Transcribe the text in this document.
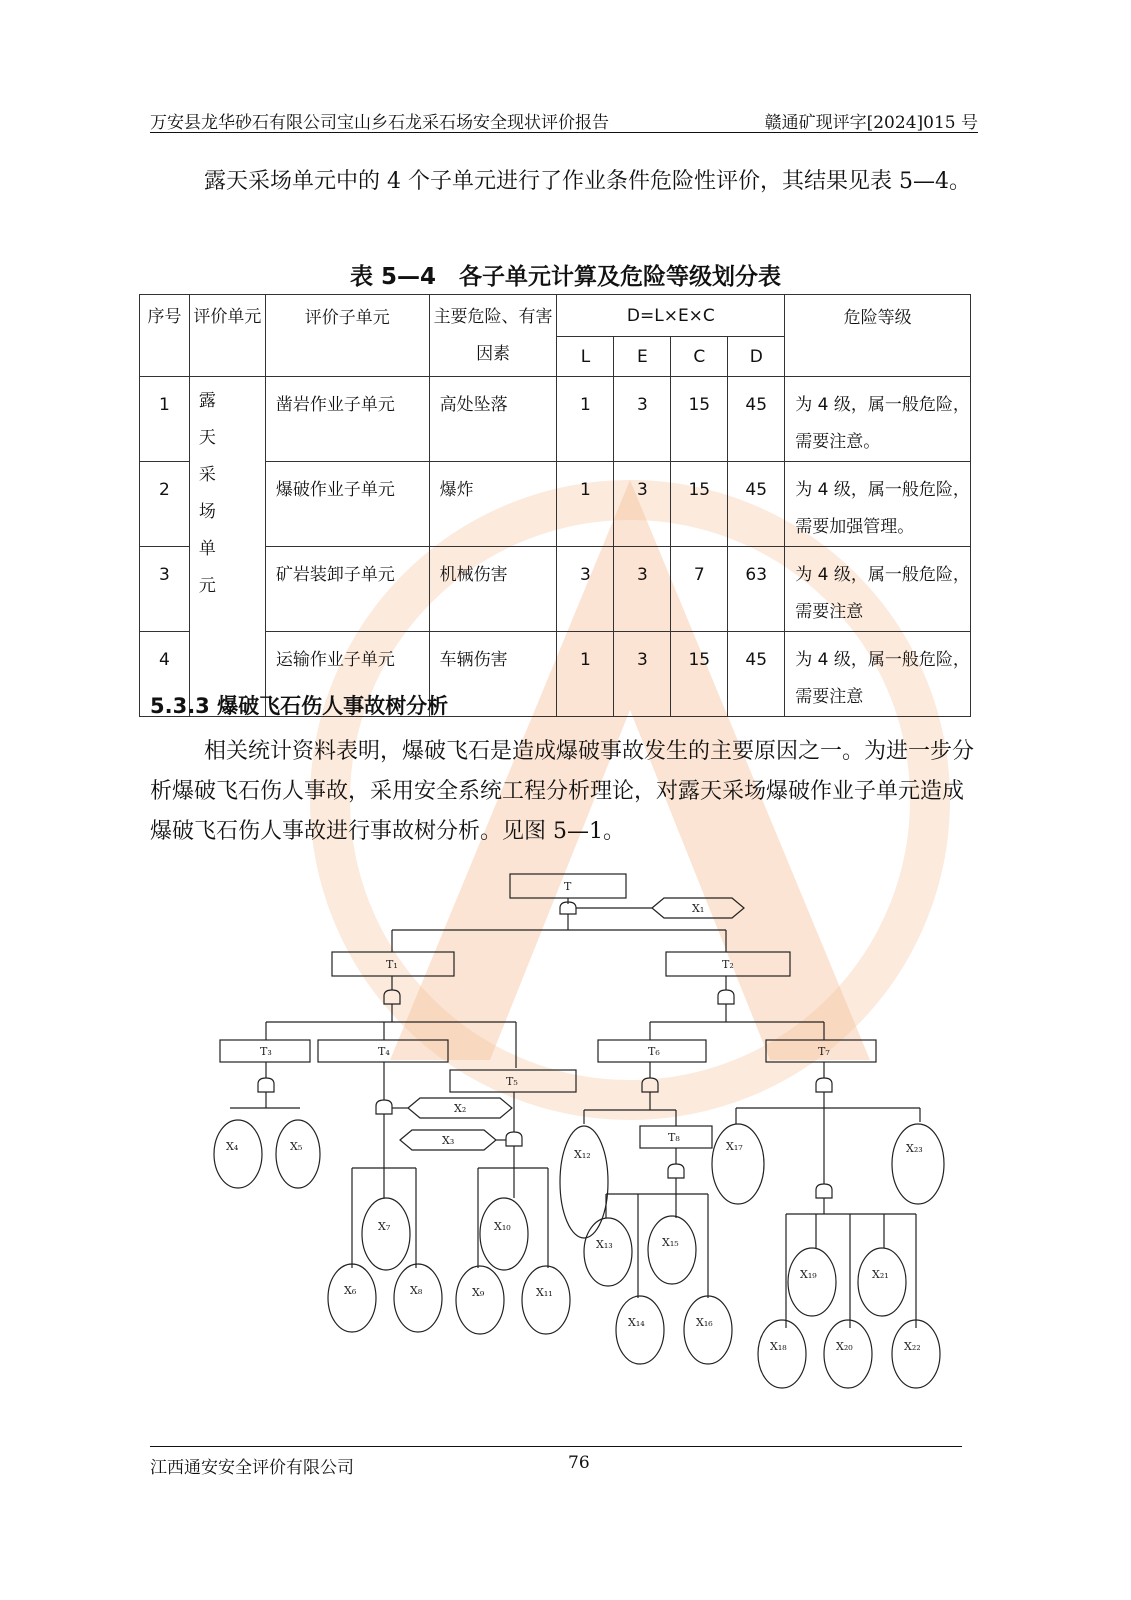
万安县龙华砂石有限公司宝山乡石龙采石场安全现状评价报告	赣通矿现评字[2024]015 号

露天采场单元中的 4 个子单元进行了作业条件危险性评价，其结果见表 5—4。

表 5—4　各子单元计算及危险等级划分表
序号	评价单元	评价子单元	主要危险、有害因素	D=L×E×C				危险等级
				L	E	C	D	
1	露天采场单元	凿岩作业子单元	高处坠落	1	3	15	45	为 4 级，属一般危险，需要注意。
2		爆破作业子单元	爆炸	1	3	15	45	为 4 级，属一般危险，需要加强管理。
3		矿岩装卸子单元	机械伤害	3	3	7	63	为 4 级，属一般危险，需要注意
4		运输作业子单元	车辆伤害	1	3	15	45	为 4 级，属一般危险，需要注意
5.3.3 爆破飞石伤人事故树分析

相关统计资料表明，爆破飞石是造成爆破事故发生的主要原因之一。为进一步分析爆破飞石伤人事故，采用安全系统工程分析理论，对露天采场爆破作业子单元造成爆破飞石伤人事故进行事故树分析。见图 5—1。

T
X₁
T₁	T₂
T₃
X₄	X₅
T₄
X₂
X₇
X₆	X₈
T₅
X₃
X₁₀
X₉	X₁₁
T₆
X₁₂
T₈
X₁₃	X₁₅
X₁₄	X₁₆
T₇
X₁₇	X₂₃
X₁₉	X₂₁
X₁₈	X₂₀	X₂₂
江西通安安全评价有限公司	76
